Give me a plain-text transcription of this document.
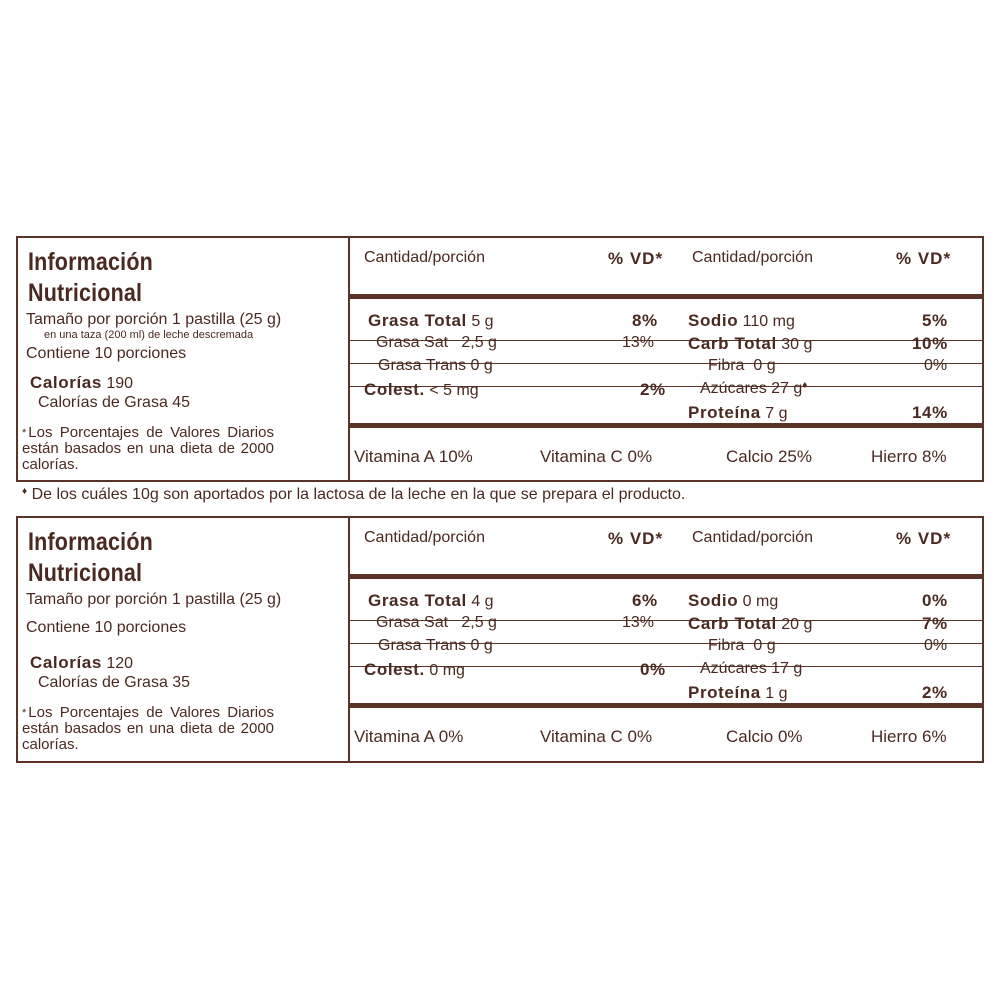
Información
Nutricional
Tamaño por porción 1 pastilla (25 g)
en una taza (200 ml) de leche descremada
Contiene 10 porciones
Calorías 190
Calorías de Grasa 45
* Los Porcentajes de Valores Diarios están basados en una dieta de 2000 calorías.
Cantidad/porción	% VD* Cantidad/porción	% VD*
Grasa Total 5 g	8%
Grasa Sat   2,5 g	13%
Grasa Trans 0 g
Colest. < 5 mg	2%
Sodio 110 mg	5%
Carb Total 30 g	10%
Fibra  0 g	0%
Azúcares 27 g♦
Proteína 7 g	14%
Vitamina A 10%	Vitamina C 0%	Calcio 25%	Hierro 8%
♦ De los cuáles 10g son aportados por la lactosa de la leche en la que se prepara el producto.
Información
Nutricional
Tamaño por porción 1 pastilla (25 g)
Contiene 10 porciones
Calorías 120
Calorías de Grasa 35
* Los Porcentajes de Valores Diarios están basados en una dieta de 2000 calorías.
Cantidad/porción	% VD* Cantidad/porción	% VD*
Grasa Total 4 g	6%
Grasa Sat   2,5 g	13%
Grasa Trans 0 g
Colest. 0 mg	0%
Sodio 0 mg	0%
Carb Total 20 g	7%
Fibra  0 g	0%
Azúcares 17 g
Proteína 1 g	2%
Vitamina A 0%	Vitamina C 0%	Calcio 0%	Hierro 6%
